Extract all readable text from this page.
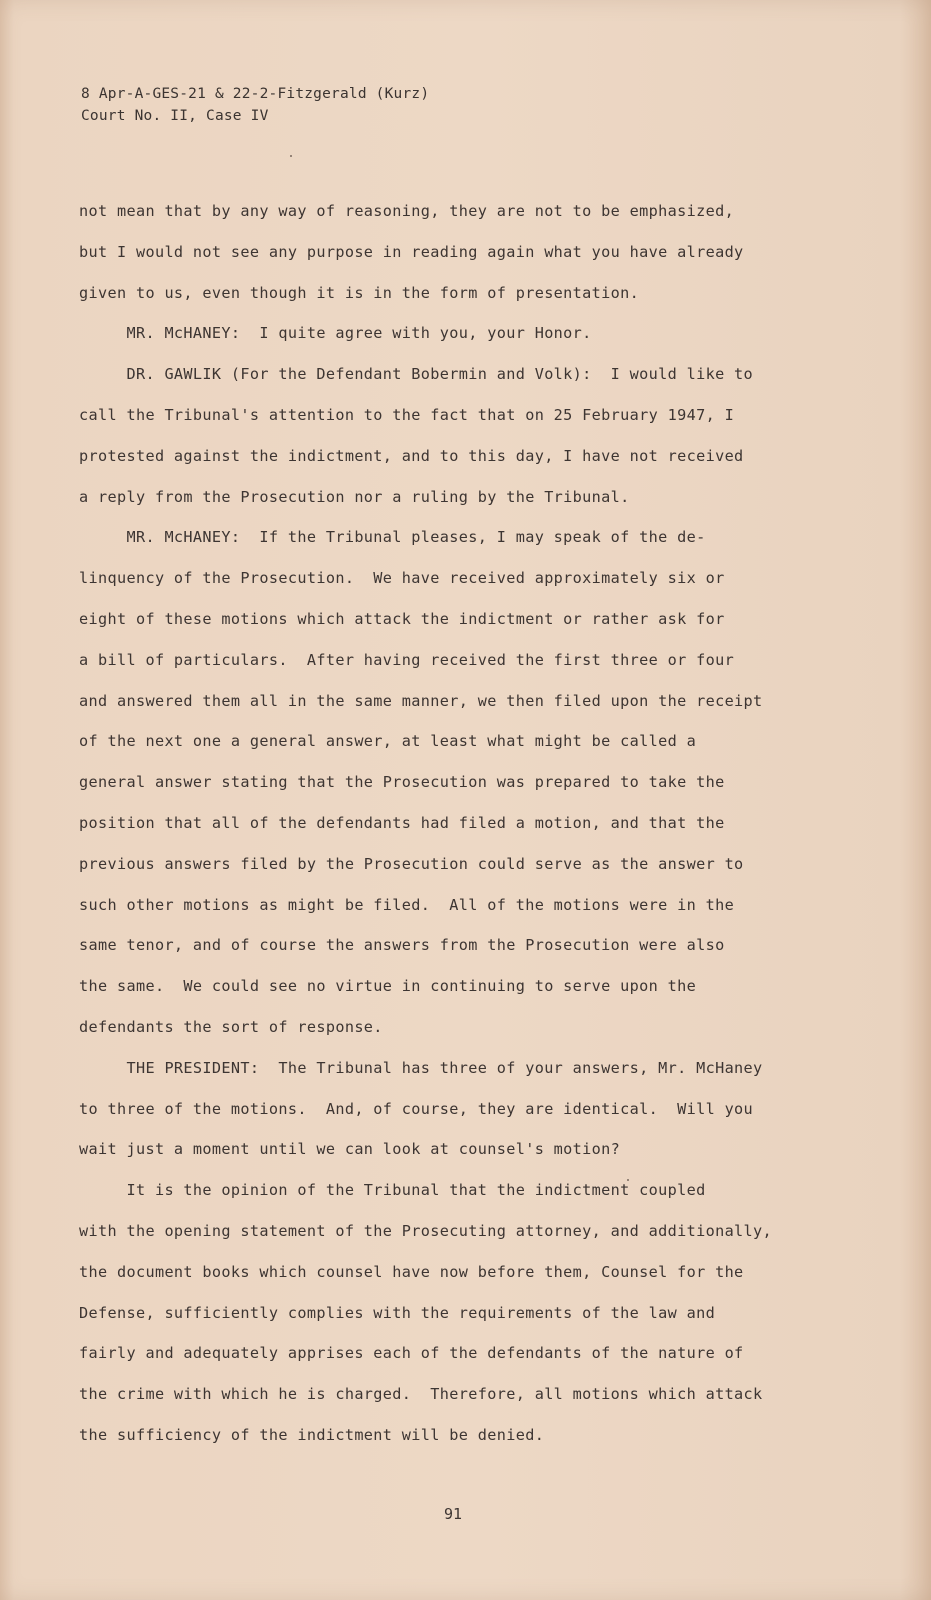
8 Apr-A-GES-21 & 22-2-Fitzgerald (Kurz)
Court No. II, Case IV
not mean that by any way of reasoning, they are not to be emphasized,
but I would not see any purpose in reading again what you have already
given to us, even though it is in the form of presentation.
MR. McHANEY:  I quite agree with you, your Honor.
DR. GAWLIK (For the Defendant Bobermin and Volk):  I would like to
call the Tribunal's attention to the fact that on 25 February 1947, I
protested against the indictment, and to this day, I have not received
a reply from the Prosecution nor a ruling by the Tribunal.
MR. McHANEY:  If the Tribunal pleases, I may speak of the de-
linquency of the Prosecution.  We have received approximately six or
eight of these motions which attack the indictment or rather ask for
a bill of particulars.  After having received the first three or four
and answered them all in the same manner, we then filed upon the receipt
of the next one a general answer, at least what might be called a
general answer stating that the Prosecution was prepared to take the
position that all of the defendants had filed a motion, and that the
previous answers filed by the Prosecution could serve as the answer to
such other motions as might be filed.  All of the motions were in the
same tenor, and of course the answers from the Prosecution were also
the same.  We could see no virtue in continuing to serve upon the
defendants the sort of response.
THE PRESIDENT:  The Tribunal has three of your answers, Mr. McHaney
to three of the motions.  And, of course, they are identical.  Will you
wait just a moment until we can look at counsel's motion?
It is the opinion of the Tribunal that the indictment coupled
with the opening statement of the Prosecuting attorney, and additionally,
the document books which counsel have now before them, Counsel for the
Defense, sufficiently complies with the requirements of the law and
fairly and adequately apprises each of the defendants of the nature of
the crime with which he is charged.  Therefore, all motions which attack
the sufficiency of the indictment will be denied.
91
